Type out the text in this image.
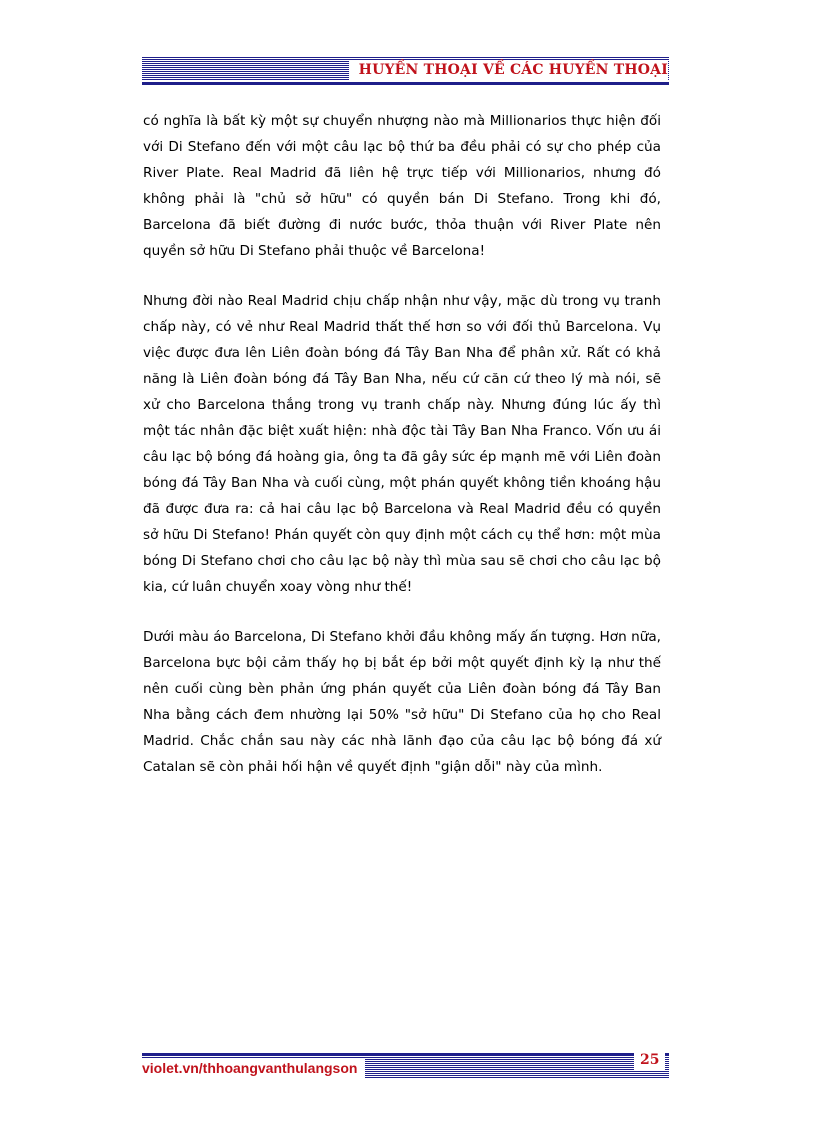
HUYỀN THOẠI VỀ CÁC HUYỀN THOẠI

có nghĩa là bất kỳ một sự chuyển nhượng nào mà Millionarios thực hiện đối với Di Stefano đến với một câu lạc bộ thứ ba đều phải có sự cho phép của River Plate. Real Madrid đã liên hệ trực tiếp với Millionarios, nhưng đó không phải là "chủ sở hữu" có quyền bán Di Stefano. Trong khi đó, Barcelona đã biết đường đi nước bước, thỏa thuận với River Plate nên quyền sở hữu Di Stefano phải thuộc về Barcelona!

Nhưng đời nào Real Madrid chịu chấp nhận như vậy, mặc dù trong vụ tranh chấp này, có vẻ như Real Madrid thất thế hơn so với đối thủ Barcelona. Vụ việc được đưa lên Liên đoàn bóng đá Tây Ban Nha để phân xử. Rất có khả năng là Liên đoàn bóng đá Tây Ban Nha, nếu cứ căn cứ theo lý mà nói, sẽ xử cho Barcelona thắng trong vụ tranh chấp này. Nhưng đúng lúc ấy thì một tác nhân đặc biệt xuất hiện: nhà độc tài Tây Ban Nha Franco. Vốn ưu ái câu lạc bộ bóng đá hoàng gia, ông ta đã gây sức ép mạnh mẽ với Liên đoàn bóng đá Tây Ban Nha và cuối cùng, một phán quyết không tiền khoáng hậu đã được đưa ra: cả hai câu lạc bộ Barcelona và Real Madrid đều có quyền sở hữu Di Stefano! Phán quyết còn quy định một cách cụ thể hơn: một mùa bóng Di Stefano chơi cho câu lạc bộ này thì mùa sau sẽ chơi cho câu lạc bộ kia, cứ luân chuyển xoay vòng như thế!

Dưới màu áo Barcelona, Di Stefano khởi đầu không mấy ấn tượng. Hơn nữa, Barcelona bực bội cảm thấy họ bị bắt ép bởi một quyết định kỳ lạ như thế nên cuối cùng bèn phản ứng phán quyết của Liên đoàn bóng đá Tây Ban Nha bằng cách đem nhường lại 50% "sở hữu" Di Stefano của họ cho Real Madrid. Chắc chắn sau này các nhà lãnh đạo của câu lạc bộ bóng đá xứ Catalan sẽ còn phải hối hận về quyết định "giận dỗi" này của mình.

violet.vn/thhoangvanthulangson	25
